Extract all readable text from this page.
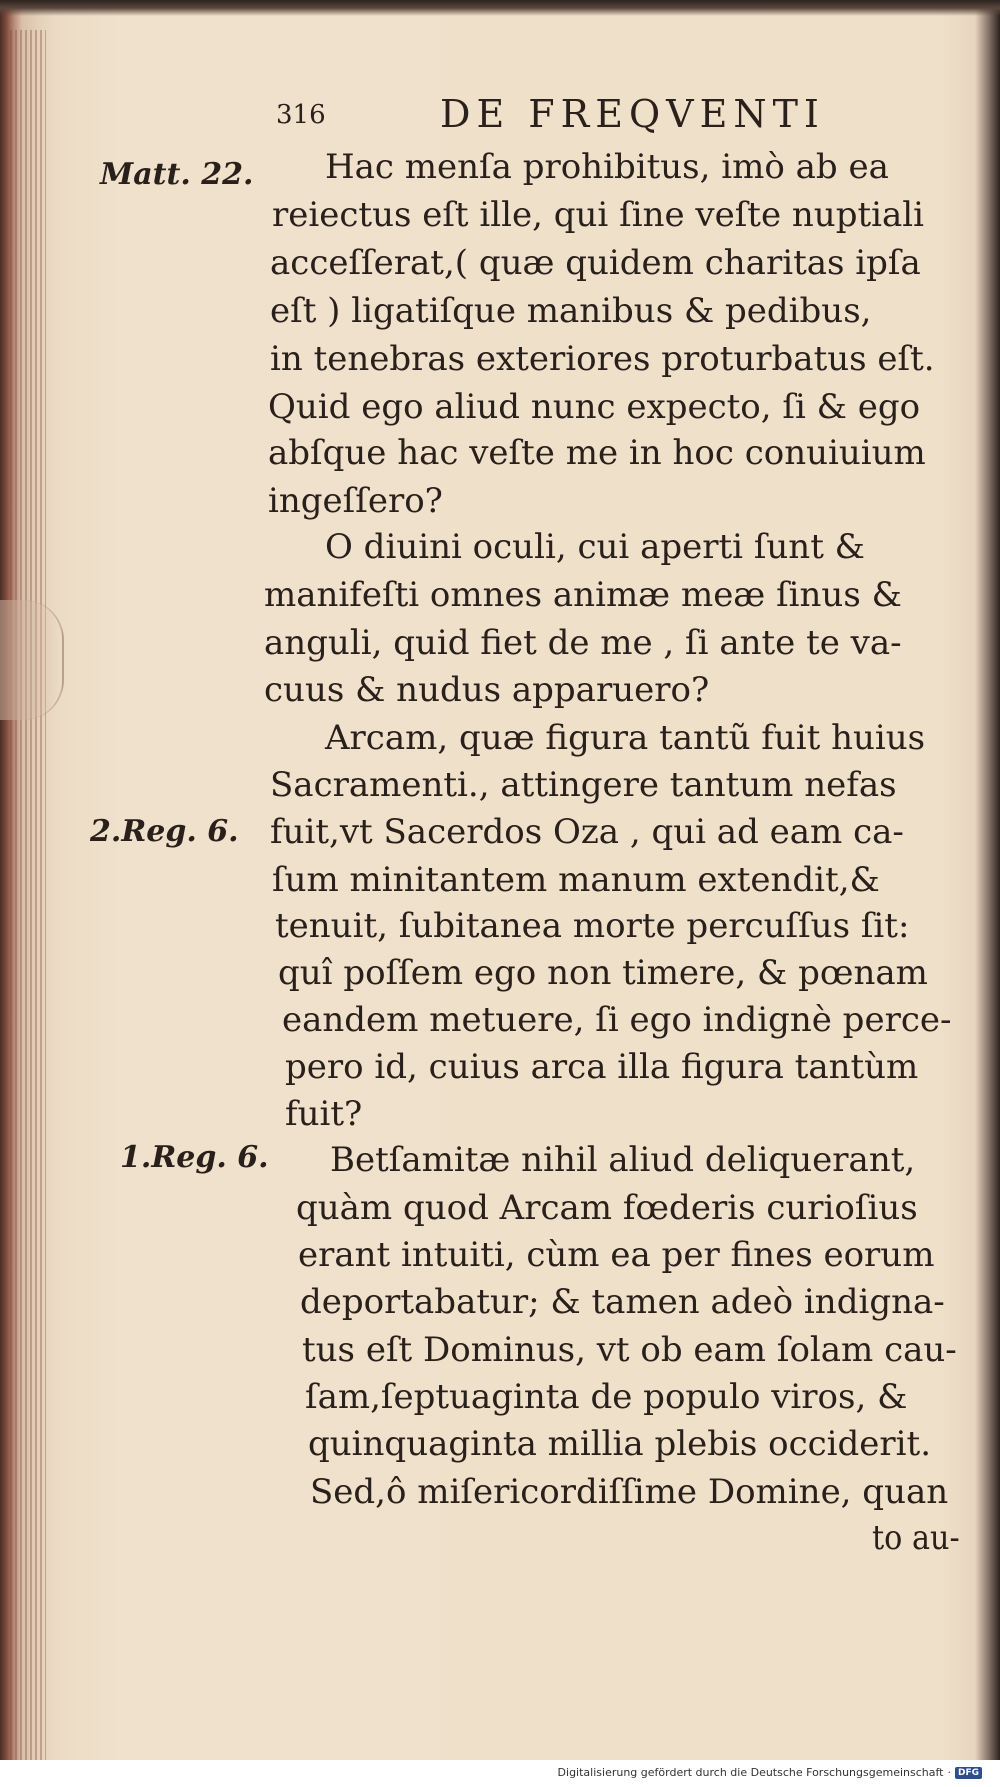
316	DE FREQVENTI
Matt. 22.
2.Reg. 6.
1.Reg. 6.
Hac menſa prohibitus, imò ab ea
reiectus eſt ille, qui ſine veſte nuptiali
acceſſerat,( quæ quidem charitas ipſa
eſt ) ligatiſque manibus & pedibus,
in tenebras exteriores proturbatus eſt.
Quid ego aliud nunc expecto, ſi & ego
abſque hac veſte me in hoc conuiuium
ingeſſero?
O diuini oculi, cui aperti ſunt &
manifeſti omnes animæ meæ ſinus &
anguli, quid fiet de me , ſi ante te va-
cuus & nudus apparuero?
Arcam, quæ figura tantũ fuit huius
Sacramenti., attingere tantum nefas
fuit,vt Sacerdos Oza , qui ad eam ca-
ſum minitantem manum extendit,&
tenuit, ſubitanea morte percuſſus ſit:
quî poſſem ego non timere, & pœnam
eandem metuere, ſi ego indignè perce-
pero id, cuius arca illa figura tantùm
fuit?
Betſamitæ nihil aliud deliquerant,
quàm quod Arcam fœderis curioſius
erant intuiti, cùm ea per fines eorum
deportabatur; & tamen adeò indigna-
tus eſt Dominus, vt ob eam ſolam cau-
ſam,ſeptuaginta de populo viros, &
quinquaginta millia plebis occiderit.
Sed,ô miſericordiſſime Domine, quan
to au-
Digitalisierung gefördert durch die Deutsche Forschungsgemeinschaft · DFG
